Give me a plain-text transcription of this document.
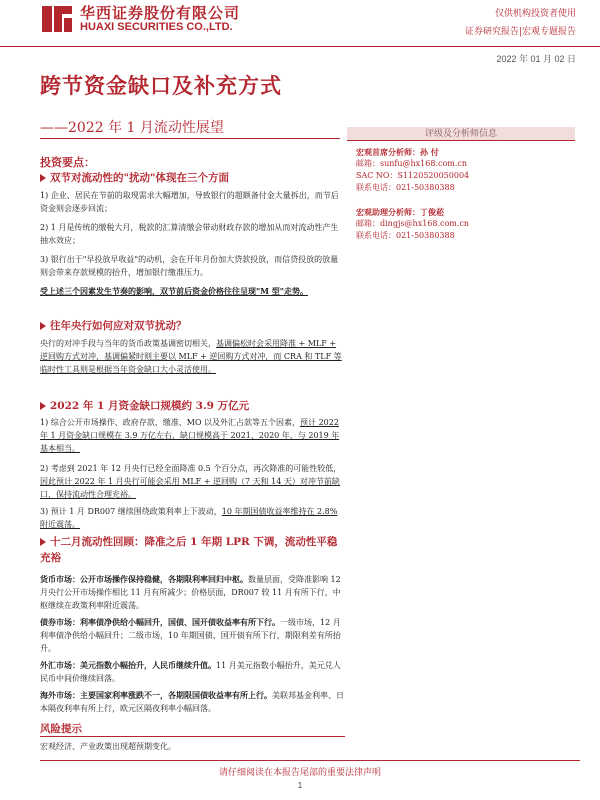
华西证券股份有限公司
HUAXI SECURITIES CO.,LTD.
仅供机构投资者使用
证券研究报告|宏观专题报告
2022 年 01 月 02 日
跨节资金缺口及补充方式
——2022 年 1 月流动性展望	评级及分析师信息
宏观首席分析师：孙 付
邮箱：sunfu@hx168.com.cn
SAC NO：S1120520050004
联系电话：021-50380388
宏观助理分析师：丁俊菘
邮箱：dingjs@hx168.com.cn
联系电话：021-50380388
投资要点：
双节对流动性的"扰动"体现在三个方面
1) 企业、居民在节前的取现需求大幅增加，导致银行的超额备付金大量拆出，而节后资金则会逐步回流；
2) 1 月是传统的缴税大月，税款的汇算清缴会带动财政存款的增加从而对流动性产生抽水效应；
3) 银行出于"早投放早收益"的动机，会在开年月份加大贷款投放，而信贷投放的放量则会带来存款规模的抬升，增加银行缴准压力。
受上述三个因素发生节奏的影响，双节前后资金价格往往呈现"M 型"走势。
往年央行如何应对双节扰动？
央行的对冲手段与当年的货币政策基调密切相关，基调偏松时会采用降准 + MLF + 逆回购方式对冲，基调偏紧时则主要以 MLF + 逆回购方式对冲，而 CRA 和 TLF 等临时性工具则是根据当年资金缺口大小灵活使用。
2022 年 1 月资金缺口规模约 3.9 万亿元
1) 综合公开市场操作、政府存款、缴准、MO 以及外汇占款等五个因素，预计 2022 年 1 月资金缺口规模在 3.9 万亿左右，缺口规模高于 2021、2020 年，与 2019 年基本相当。
2) 考虑到 2021 年 12 月央行已经全面降准 0.5 个百分点，再次降准的可能性较低，因此预计 2022 年 1 月央行可能会采用 MLF + 逆回购（7 天和 14 天）对冲节前缺口，保持流动性合理充裕。
3) 预计 1 月 DR007 继续围绕政策利率上下波动，10 年期国债收益率维持在 2.8%附近震荡。
十二月流动性回顾：降准之后 1 年期 LPR 下调，流动性平稳充裕
货币市场：公开市场操作保持稳健，各期限利率回归中枢。数量层面，受降准影响 12 月央行公开市场操作相比 11 月有所减少；价格层面，DR007 较 11 月有所下行，中枢继续在政策利率附近震荡。
债券市场：利率债净供给小幅回升，国债、国开债收益率有所下行。一级市场，12 月利率债净供给小幅回升；二级市场，10 年期国债、国开债有所下行，期限利差有所抬升。
外汇市场：美元指数小幅抬升，人民币继续升值。11 月美元指数小幅抬升，美元兑人民币中间价继续回落。
海外市场：主要国家利率涨跌不一，各期限国债收益率有所上行。美联邦基金利率、日本隔夜利率有所上行，欧元区隔夜利率小幅回落。
风险提示
宏观经济、产业政策出现超预期变化。
请仔细阅读在本报告尾部的重要法律声明
1
